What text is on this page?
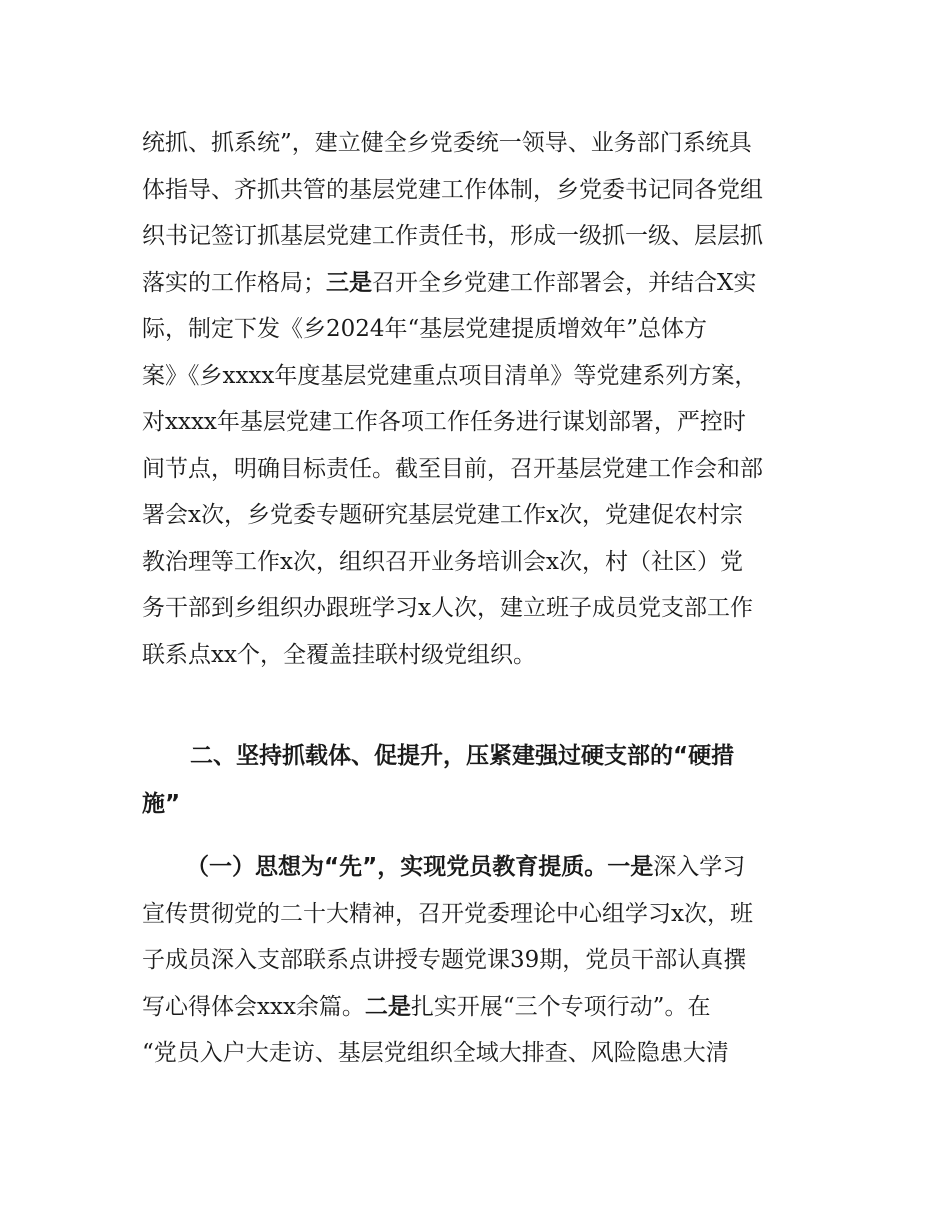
统抓、抓系统”，建立健全乡党委统一领导、业务部门系统具
体指导、齐抓共管的基层党建工作体制，乡党委书记同各党组
织书记签订抓基层党建工作责任书，形成一级抓一级、层层抓
落实的工作格局；三是召开全乡党建工作部署会，并结合X实
际，制定下发《乡2024年“基层党建提质增效年”总体方
案》《乡xxxx年度基层党建重点项目清单》等党建系列方案，
对xxxx年基层党建工作各项工作任务进行谋划部署，严控时
间节点，明确目标责任。截至目前，召开基层党建工作会和部
署会x次，乡党委专题研究基层党建工作x次，党建促农村宗
教治理等工作x次，组织召开业务培训会x次，村（社区）党
务干部到乡组织办跟班学习x人次，建立班子成员党支部工作
联系点xx个，全覆盖挂联村级党组织。
二、坚持抓载体、促提升，压紧建强过硬支部的“硬措
施”
（一）思想为“先”，实现党员教育提质。一是深入学习
宣传贯彻党的二十大精神，召开党委理论中心组学习x次，班
子成员深入支部联系点讲授专题党课39期，党员干部认真撰
写心得体会xxx余篇。二是扎实开展“三个专项行动”。在
“党员入户大走访、基层党组织全域大排查、风险隐患大清
